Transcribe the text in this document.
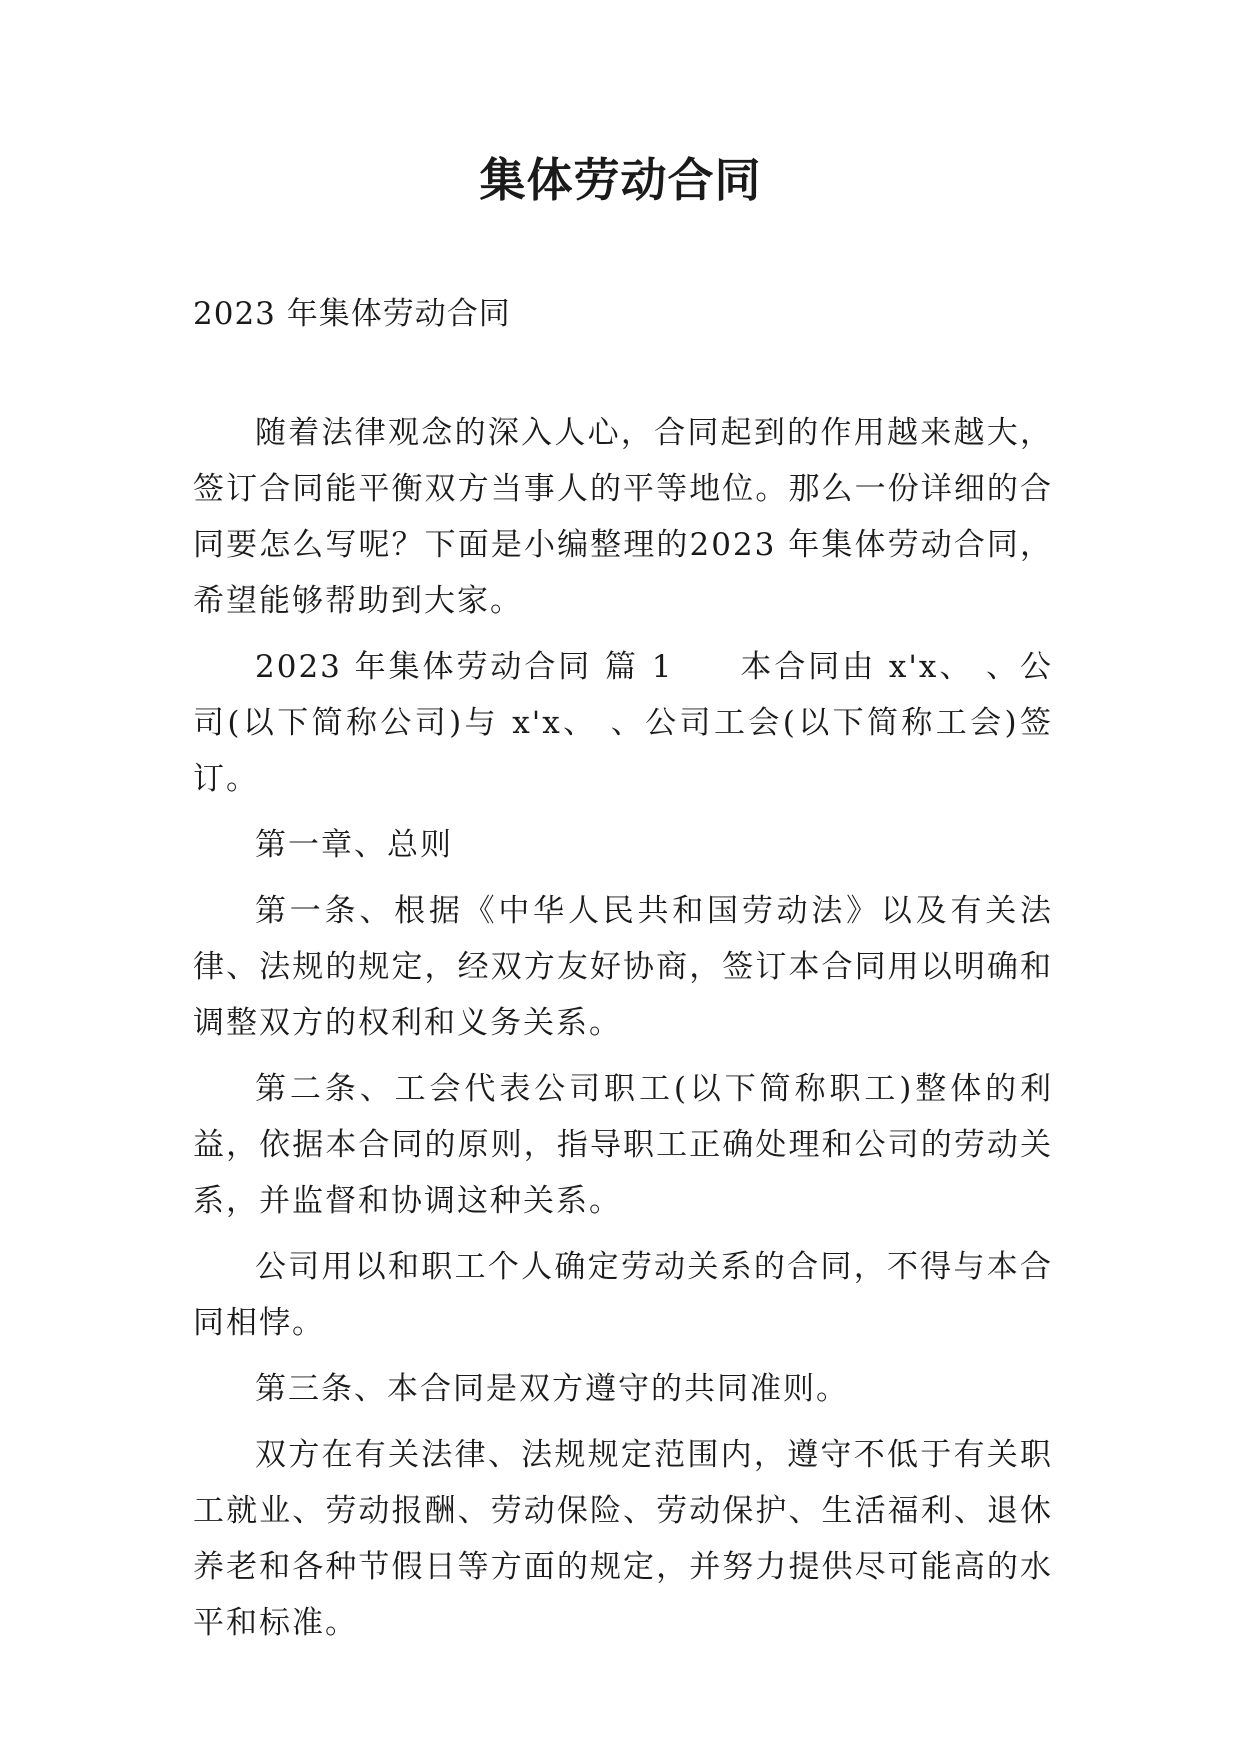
集体劳动合同
2023 年集体劳动合同

随着法律观念的深入人心，合同起到的作用越来越大，签订合同能平衡双方当事人的平等地位。那么一份详细的合同要怎么写呢？下面是小编整理的2023 年集体劳动合同，希望能够帮助到大家。

2023 年集体劳动合同 篇 1 本合同由 x'x、 、公司(以下简称公司)与 x'x、 、公司工会(以下简称工会)签订。

第一章、总则

第一条、根据《中华人民共和国劳动法》以及有关法律、法规的规定，经双方友好协商，签订本合同用以明确和调整双方的权利和义务关系。

第二条、工会代表公司职工(以下简称职工)整体的利益，依据本合同的原则，指导职工正确处理和公司的劳动关系，并监督和协调这种关系。

公司用以和职工个人确定劳动关系的合同，不得与本合同相悖。

第三条、本合同是双方遵守的共同准则。

双方在有关法律、法规规定范围内，遵守不低于有关职工就业、劳动报酬、劳动保险、劳动保护、生活福利、退休养老和各种节假日等方面的规定，并努力提供尽可能高的水平和标准。
